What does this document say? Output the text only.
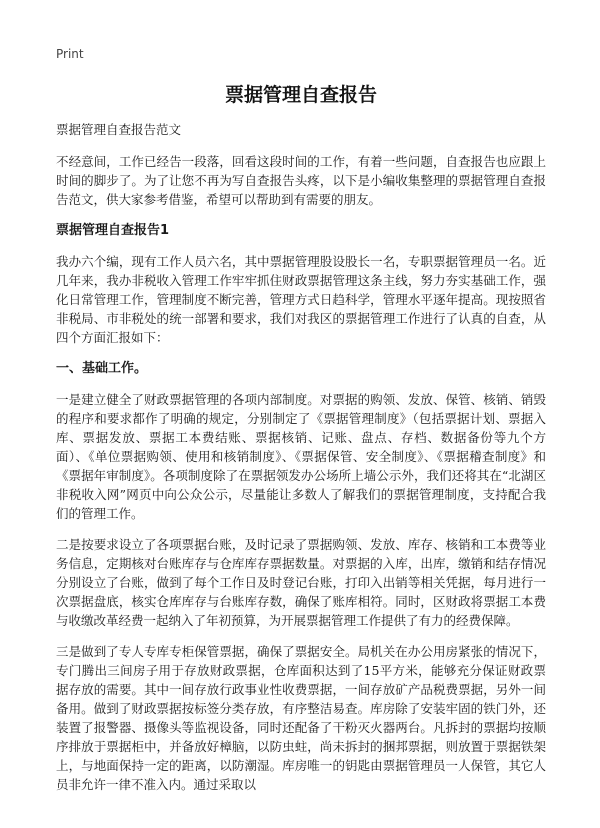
Print
票据管理自查报告

票据管理自查报告范文

不经意间，工作已经告一段落，回看这段时间的工作，有着一些问题，自查报告也应跟上时间的脚步了。为了让您不再为写自查报告头疼，以下是小编收集整理的票据管理自查报告范文，供大家参考借鉴，希望可以帮助到有需要的朋友。

票据管理自查报告1

我办六个编，现有工作人员六名，其中票据管理股设股长一名，专职票据管理员一名。近几年来，我办非税收入管理工作牢牢抓住财政票据管理这条主线，努力夯实基础工作，强化日常管理工作，管理制度不断完善，管理方式日趋科学，管理水平逐年提高。现按照省非税局、市非税处的统一部署和要求，我们对我区的票据管理工作进行了认真的自查，从四个方面汇报如下：

一、基础工作。

一是建立健全了财政票据管理的各项内部制度。对票据的购领、发放、保管、核销、销毁的程序和要求都作了明确的规定，分别制定了《票据管理制度》（包括票据计划、票据入库、票据发放、票据工本费结账、票据核销、记账、盘点、存档、数据备份等九个方面）、《单位票据购领、使用和核销制度》、《票据保管、安全制度》、《票据稽查制度》和《票据年审制度》。各项制度除了在票据领发办公场所上墙公示外，我们还将其在“北湖区非税收入网”网页中向公众公示，尽量能让多数人了解我们的票据管理制度，支持配合我们的管理工作。

二是按要求设立了各项票据台账，及时记录了票据购领、发放、库存、核销和工本费等业务信息，定期核对台账库存与仓库库存票据数量。对票据的入库，出库，缴销和结存情况分别设立了台账，做到了每个工作日及时登记台账，打印入出销等相关凭据，每月进行一次票据盘底，核实仓库库存与台账库存数，确保了账库相符。同时，区财政将票据工本费与收缴改革经费一起纳入了年初预算，为开展票据管理工作提供了有力的经费保障。

三是做到了专人专库专柜保管票据，确保了票据安全。局机关在办公用房紧张的情况下，专门腾出三间房子用于存放财政票据，仓库面积达到了15平方米，能够充分保证财政票据存放的需要。其中一间存放行政事业性收费票据，一间存放矿产品税费票据，另外一间备用。做到了财政票据按标签分类存放，有序整洁易查。库房除了安装牢固的铁门外，还装置了报警器、摄像头等监视设备，同时还配备了干粉灭火器两台。凡拆封的票据均按顺序排放于票据柜中，并备放好樟脑，以防虫蛀，尚未拆封的捆邦票据，则放置于票据铁架上，与地面保持一定的距离，以防潮湿。库房唯一的钥匙由票据管理员一人保管，其它人员非允许一律不准入内。通过采取以
